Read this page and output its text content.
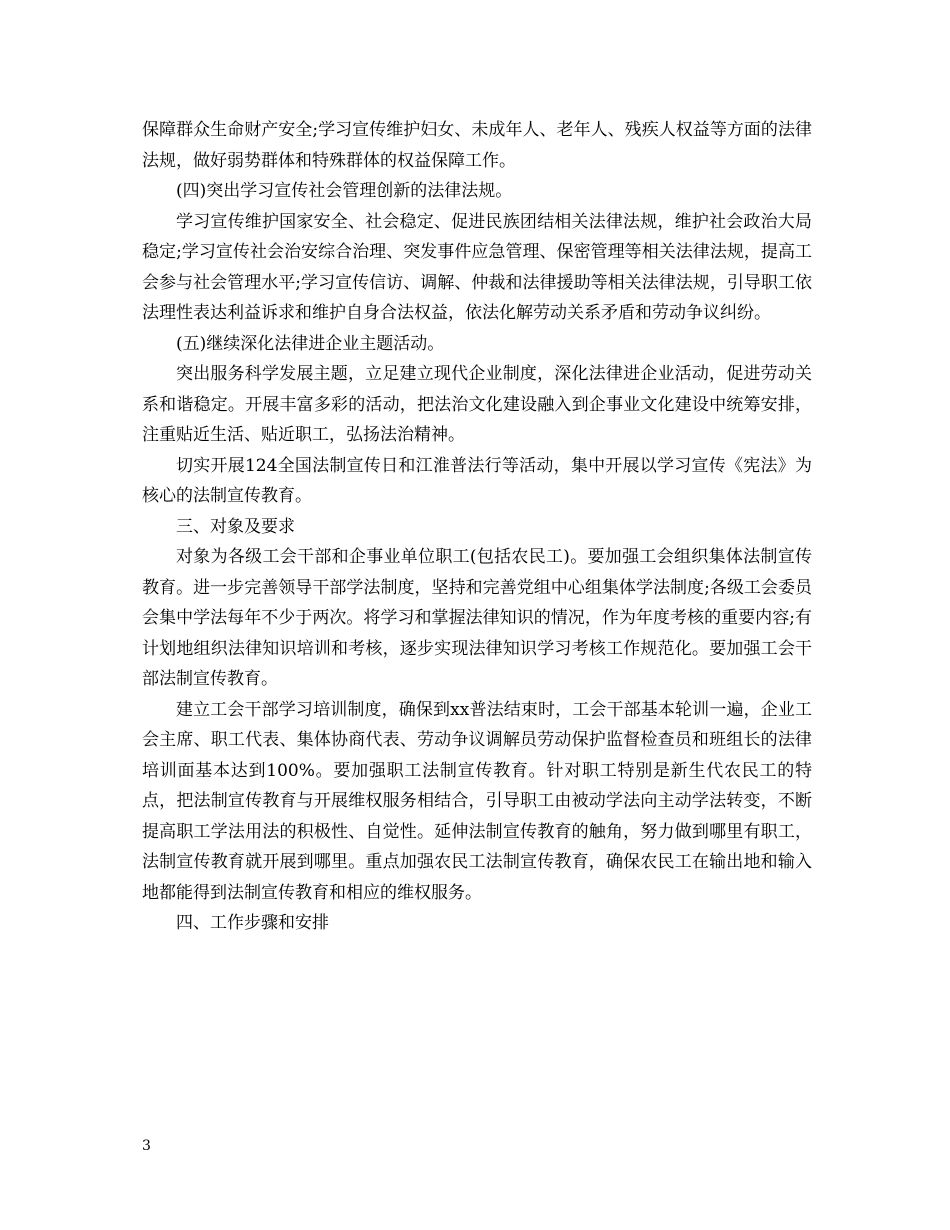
保障群众生命财产安全;学习宣传维护妇女、未成年人、老年人、残疾人权益等方面的法律法规，做好弱势群体和特殊群体的权益保障工作。

(四)突出学习宣传社会管理创新的法律法规。

学习宣传维护国家安全、社会稳定、促进民族团结相关法律法规，维护社会政治大局稳定;学习宣传社会治安综合治理、突发事件应急管理、保密管理等相关法律法规，提高工会参与社会管理水平;学习宣传信访、调解、仲裁和法律援助等相关法律法规，引导职工依法理性表达利益诉求和维护自身合法权益，依法化解劳动关系矛盾和劳动争议纠纷。

(五)继续深化法律进企业主题活动。

突出服务科学发展主题，立足建立现代企业制度，深化法律进企业活动，促进劳动关系和谐稳定。开展丰富多彩的活动，把法治文化建设融入到企事业文化建设中统筹安排，注重贴近生活、贴近职工，弘扬法治精神。

切实开展124全国法制宣传日和江淮普法行等活动，集中开展以学习宣传《宪法》为核心的法制宣传教育。

三、对象及要求

对象为各级工会干部和企事业单位职工(包括农民工)。要加强工会组织集体法制宣传教育。进一步完善领导干部学法制度，坚持和完善党组中心组集体学法制度;各级工会委员会集中学法每年不少于两次。将学习和掌握法律知识的情况，作为年度考核的重要内容;有计划地组织法律知识培训和考核，逐步实现法律知识学习考核工作规范化。要加强工会干部法制宣传教育。

建立工会干部学习培训制度，确保到xx普法结束时，工会干部基本轮训一遍，企业工会主席、职工代表、集体协商代表、劳动争议调解员劳动保护监督检查员和班组长的法律培训面基本达到100%。要加强职工法制宣传教育。针对职工特别是新生代农民工的特点，把法制宣传教育与开展维权服务相结合，引导职工由被动学法向主动学法转变，不断提高职工学法用法的积极性、自觉性。延伸法制宣传教育的触角，努力做到哪里有职工，法制宣传教育就开展到哪里。重点加强农民工法制宣传教育，确保农民工在输出地和输入地都能得到法制宣传教育和相应的维权服务。

四、工作步骤和安排

3
